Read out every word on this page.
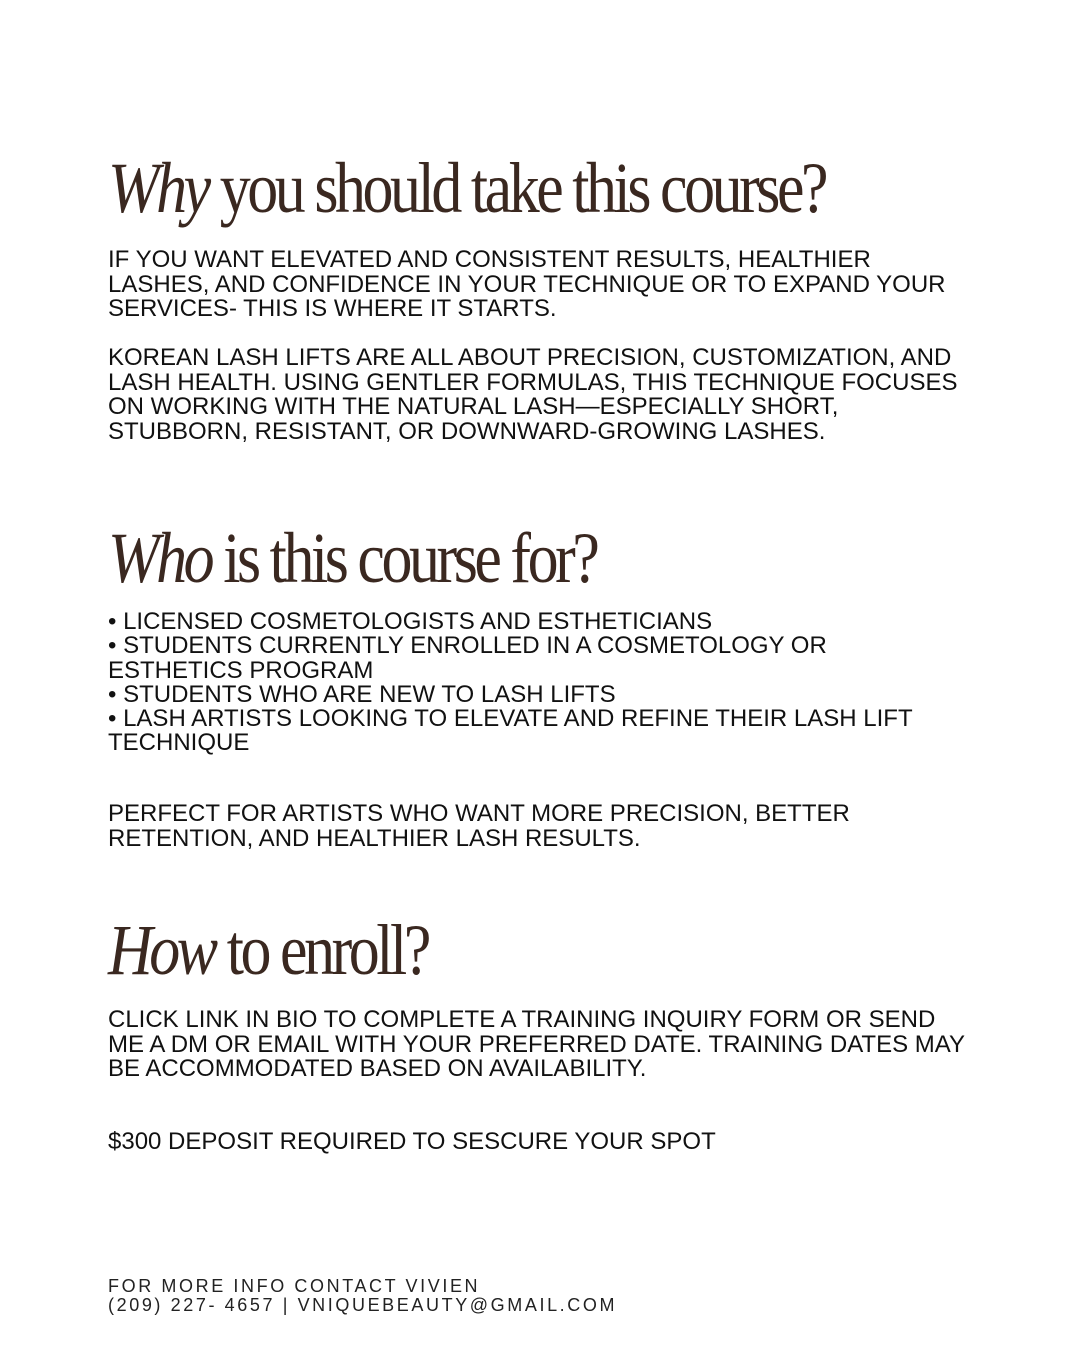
Why you should take this course?

IF YOU WANT ELEVATED AND CONSISTENT RESULTS, HEALTHIER LASHES, AND CONFIDENCE IN YOUR TECHNIQUE OR TO EXPAND YOUR SERVICES- THIS IS WHERE IT STARTS.

KOREAN LASH LIFTS ARE ALL ABOUT PRECISION, CUSTOMIZATION, AND LASH HEALTH. USING GENTLER FORMULAS, THIS TECHNIQUE FOCUSES ON WORKING WITH THE NATURAL LASH—ESPECIALLY SHORT, STUBBORN, RESISTANT, OR DOWNWARD-GROWING LASHES.

Who is this course for?
• LICENSED COSMETOLOGISTS AND ESTHETICIANS
• STUDENTS CURRENTLY ENROLLED IN A COSMETOLOGY OR ESTHETICS PROGRAM
• STUDENTS WHO ARE NEW TO LASH LIFTS
• LASH ARTISTS LOOKING TO ELEVATE AND REFINE THEIR LASH LIFT TECHNIQUE

PERFECT FOR ARTISTS WHO WANT MORE PRECISION, BETTER RETENTION, AND HEALTHIER LASH RESULTS.

How to enroll?

CLICK LINK IN BIO TO COMPLETE A TRAINING INQUIRY FORM OR SEND ME A DM OR EMAIL WITH YOUR PREFERRED DATE. TRAINING DATES MAY BE ACCOMMODATED BASED ON AVAILABILITY.

$300 DEPOSIT REQUIRED TO SESCURE YOUR SPOT

FOR MORE INFO CONTACT VIVIEN
(209) 227- 4657 | VNIQUEBEAUTY@GMAIL.COM
